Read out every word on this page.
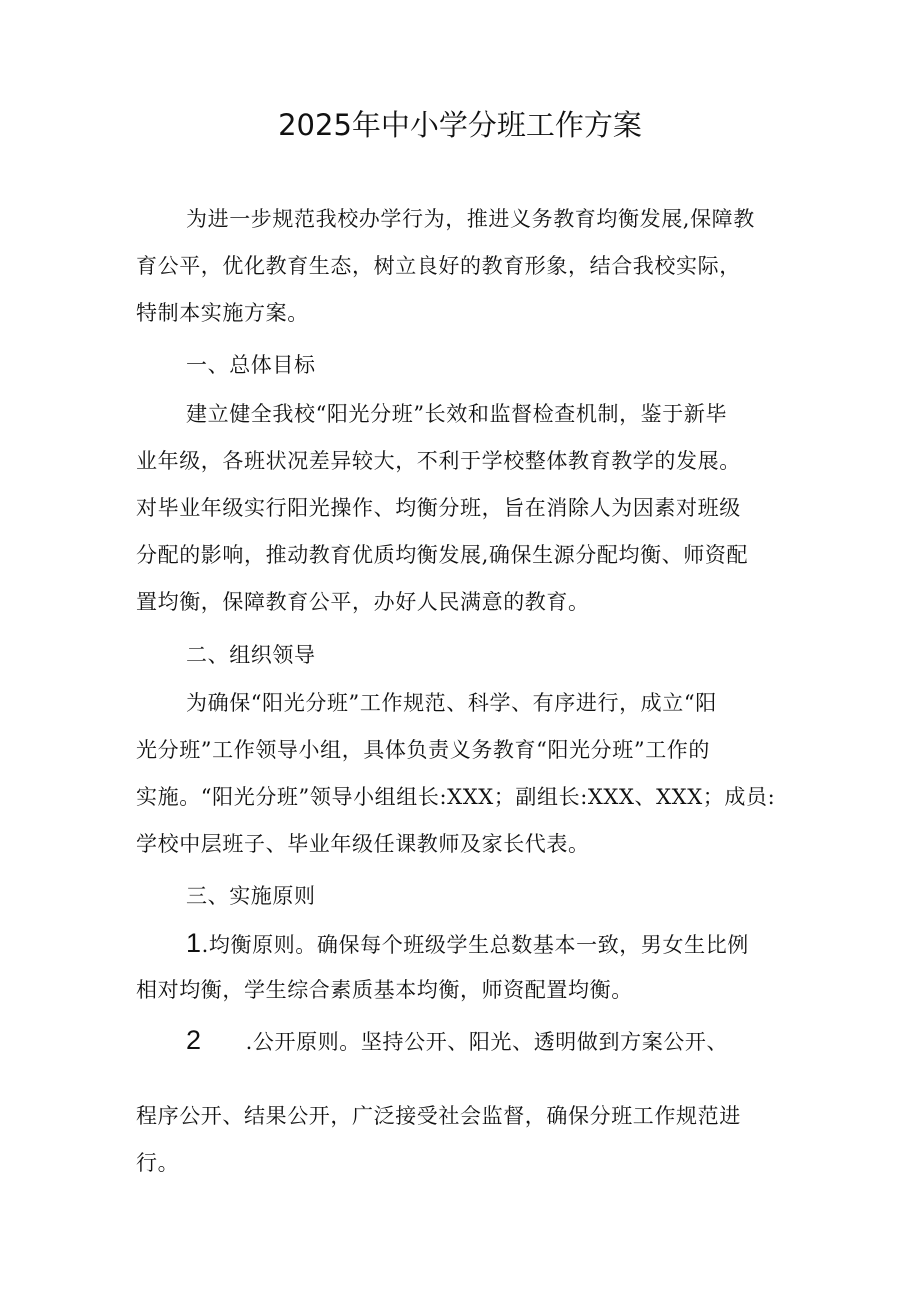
2025年中小学分班工作方案
为进一步规范我校办学行为，推进义务教育均衡发展,保障教
育公平，优化教育生态，树立良好的教育形象，结合我校实际，
特制本实施方案。
一、总体目标
建立健全我校“阳光分班”长效和监督检查机制，鉴于新毕
业年级，各班状况差异较大，不利于学校整体教育教学的发展。
对毕业年级实行阳光操作、均衡分班，旨在消除人为因素对班级
分配的影响，推动教育优质均衡发展,确保生源分配均衡、师资配
置均衡，保障教育公平，办好人民满意的教育。
二、组织领导
为确保“阳光分班”工作规范、科学、有序进行，成立“阳
光分班”工作领导小组，具体负责义务教育“阳光分班”工作的
实施。“阳光分班”领导小组组长:XXX；副组长:XXX、XXX；成员:
学校中层班子、毕业年级任课教师及家长代表。
三、实施原则
1.均衡原则。确保每个班级学生总数基本一致，男女生比例
相对均衡，学生综合素质基本均衡，师资配置均衡。
2 .公开原则。坚持公开、阳光、透明做到方案公开、
程序公开、结果公开，广泛接受社会监督，确保分班工作规范进
行。
